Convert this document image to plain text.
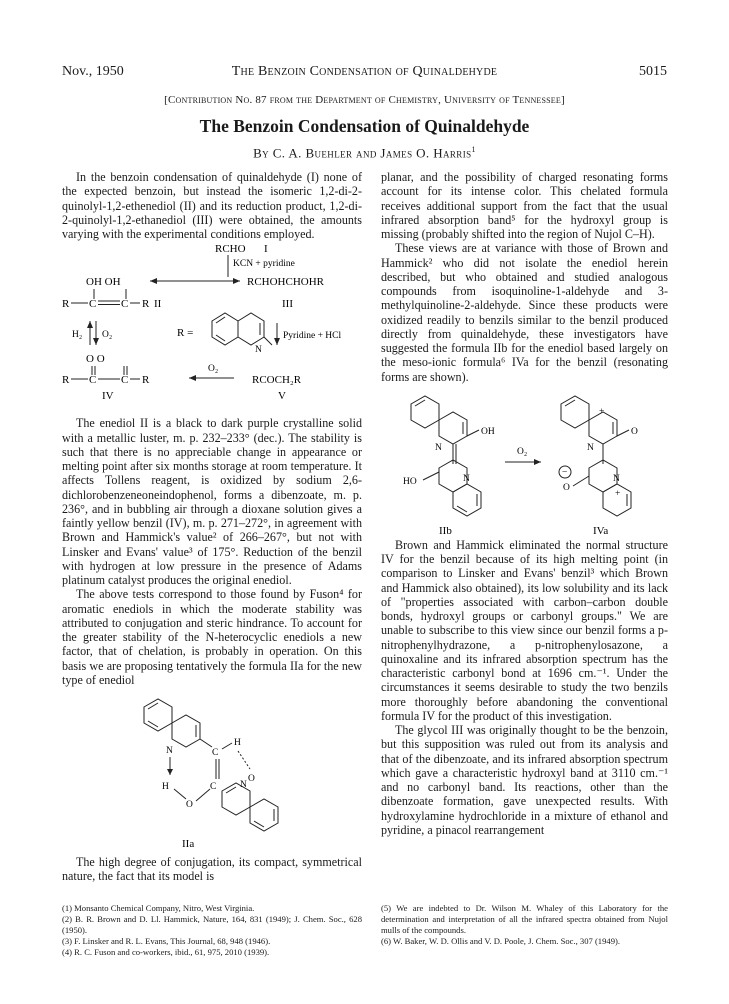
Nov., 1950	The Benzoin Condensation of Quinaldehyde	5015
[Contribution No. 87 from the Department of Chemistry, University of Tennessee]
The Benzoin Condensation of Quinaldehyde
By C. A. Buehler and James O. Harris$^1$

In the benzoin condensation of quinaldehyde (I) none of the expected benzoin, but instead the isomeric 1,2-di-2-quinolyl-1,2-ethenediol (II) and its reduction product, 1,2-di-2-quinolyl-1,2-ethanediol (III) were obtained, the amounts varying with the experimental conditions employed.

RCHO I
KCN + pyridine
OH OH	RCHOHCHOHR
R C C R II	III
H₂ O₂	R =
N
Pyridine + HCl
O O
R C C R
IV
O₂
RCOCH₂R
V

The enediol II is a black to dark purple crystalline solid with a metallic luster, m. p. 232–233° (dec.). The stability is such that there is no appreciable change in appearance or melting point after six months storage at room temperature. It affects Tollens reagent, is oxidized by sodium 2,6-dichlorobenzeneoneindophenol, forms a dibenzoate, m. p. 236°, and in bubbling air through a dioxane solution gives a faintly yellow benzil (IV), m. p. 271–272°, in agreement with Brown and Hammick's value² of 266–267°, but not with Linsker and Evans' value³ of 175°. Reduction of the benzil with hydrogen at low pressure in the presence of Adams platinum catalyst produces the original enediol.

The above tests correspond to those found by Fuson⁴ for aromatic enediols in which the moderate stability was attributed to conjugation and steric hindrance. To account for the greater stability of the N-heterocyclic enediols a new factor, that of chelation, is probably in operation. On this basis we are proposing tentatively the formula IIa for the new type of enediol

N	C
H
H
O
C
O
N
IIa

The high degree of conjugation, its compact, symmetrical nature, the fact that its model is

planar, and the possibility of charged resonating forms account for its intense color. This chelated formula receives additional support from the fact that the usual infrared absorption band⁵ for the hydroxyl group is missing (probably shifted into the region of Nujol C–H).

These views are at variance with those of Brown and Hammick² who did not isolate the enediol herein described, but who obtained and studied analogous compounds from isoquinoline-1-aldehyde and 3-methylquinoline-2-aldehyde. Since these products were oxidized readily to benzils similar to the benzil produced directly from quinaldehyde, these investigators have suggested the formula IIb for the enediol based largely on the meso-ionic formula⁶ IVa for the benzil (resonating forms are shown).

N
OH
HO	N
O₂
+
N
O
−
O
N
+
IIb	IVa

Brown and Hammick eliminated the normal structure IV for the benzil because of its high melting point (in comparison to Linsker and Evans' benzil³ which Brown and Hammick also obtained), its low solubility and its lack of "properties associated with carbon–carbon double bonds, hydroxyl groups or carbonyl groups." We are unable to subscribe to this view since our benzil forms a p-nitrophenylhydrazone, a p-nitrophenylosazone, a quinoxaline and its infrared absorption spectrum has the characteristic carbonyl bond at 1696 cm.⁻¹. Under the circumstances it seems desirable to study the two benzils more thoroughly before abandoning the conventional formula IV for the product of this investigation.

The glycol III was originally thought to be the benzoin, but this supposition was ruled out from its analysis and that of the dibenzoate, and its infrared absorption spectrum which gave a characteristic hydroxyl band at 3110 cm.⁻¹ and no carbonyl band. Its reactions, other than the dibenzoate formation, gave unexpected results. With hydroxylamine hydrochloride in a mixture of ethanol and pyridine, a pinacol rearrangement

(1) Monsanto Chemical Company, Nitro, West Virginia.
(2) B. R. Brown and D. Ll. Hammick, Nature, 164, 831 (1949); J. Chem. Soc., 628 (1950).
(3) F. Linsker and R. L. Evans, This Journal, 68, 948 (1946).
(4) R. C. Fuson and co-workers, ibid., 61, 975, 2010 (1939).
(5) We are indebted to Dr. Wilson M. Whaley of this Laboratory for the determination and interpretation of all the infrared spectra obtained from Nujol mulls of the compounds.
(6) W. Baker, W. D. Ollis and V. D. Poole, J. Chem. Soc., 307 (1949).
